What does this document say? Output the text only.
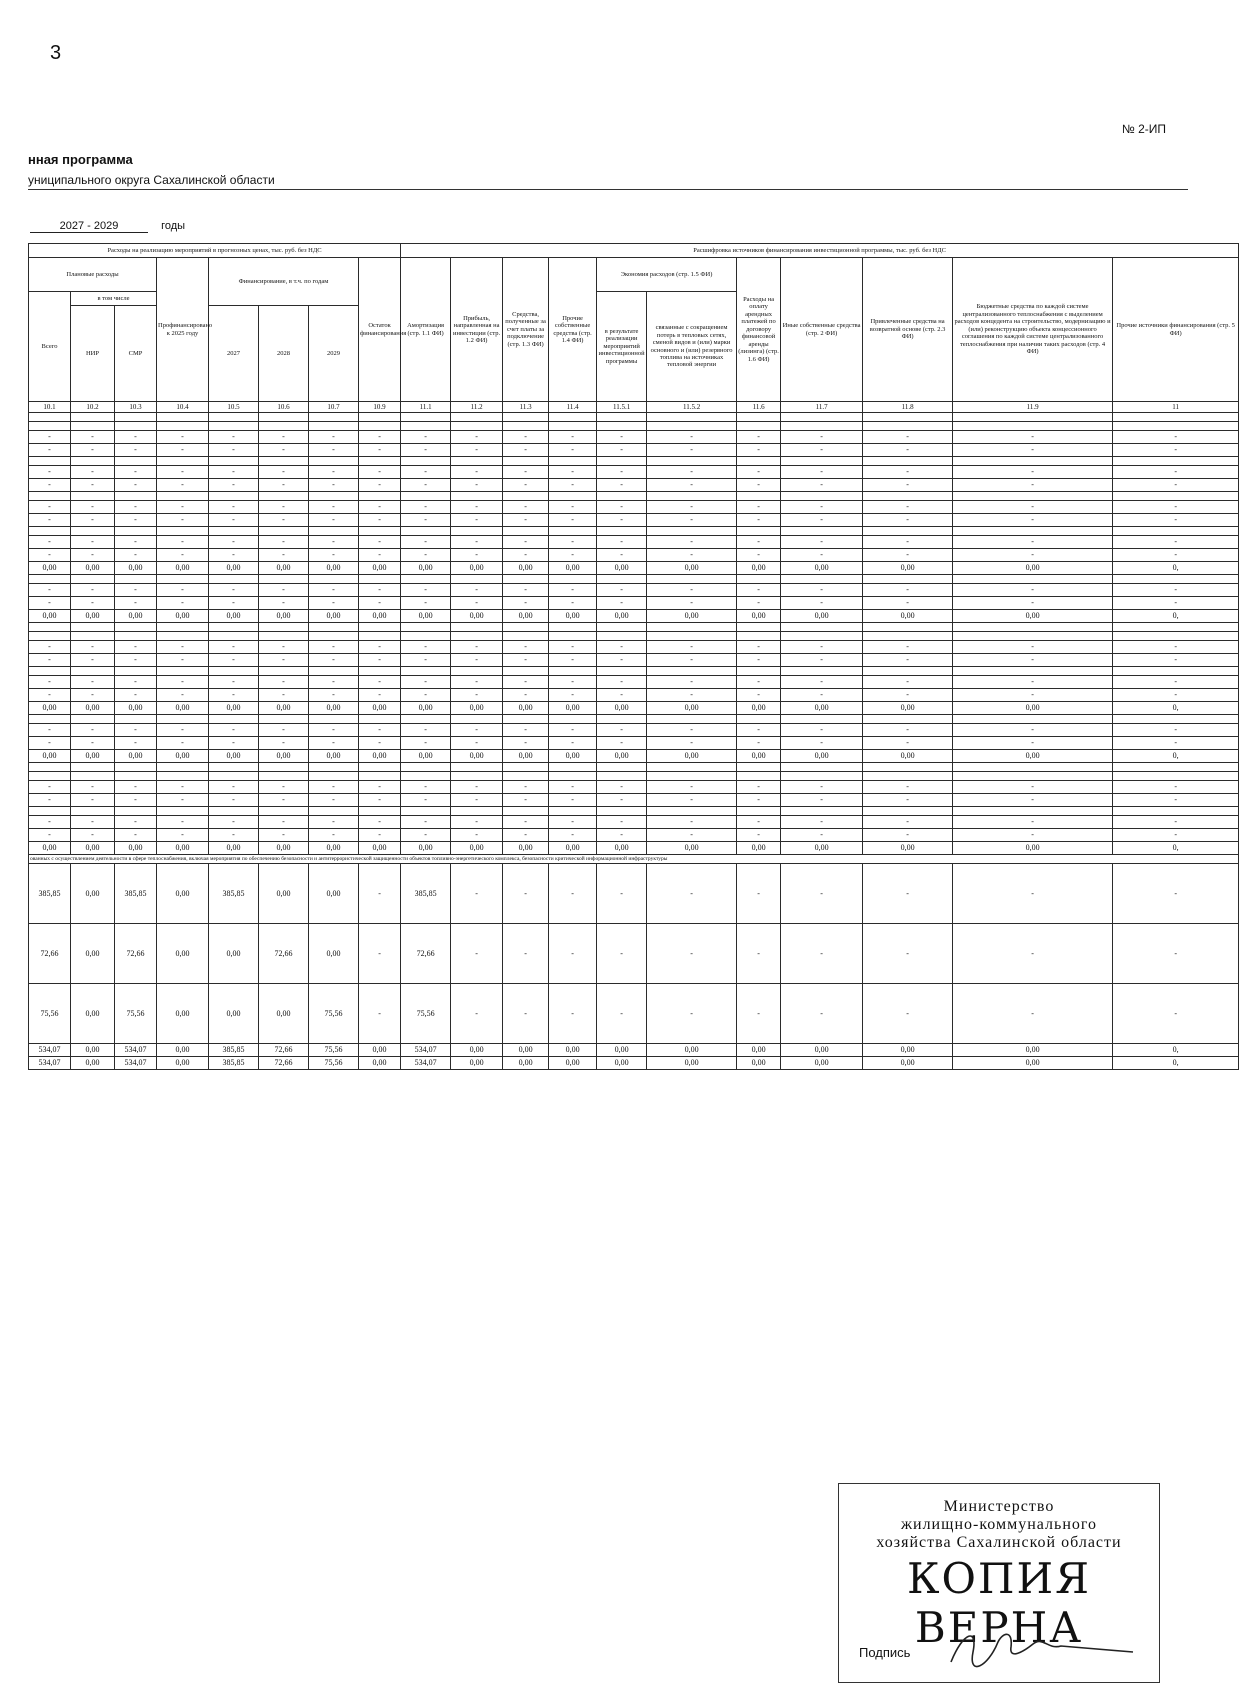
3
№ 2-ИП
нная программа
униципального округа Сахалинской области
2027 - 2029	годы
Расходы на реализацию мероприятий в прогнозных ценах, тыс. руб. без НДС								Расшифровка источников финансирования инвестиционной программы, тыс. руб. без НДС										
Плановые расходы			Профинансировано к 2025 году	Финансирование, в т.ч. по годам			Остаток финансирования	Амортизация (стр. 1.1 ФИ)	Прибыль, направленная на инвестиции (стр. 1.2 ФИ)	Средства, полученные за счет платы за подключение (стр. 1.3 ФИ)	Прочие собственные средства (стр. 1.4 ФИ)	Экономия расходов (стр. 1.5 ФИ)		Расходы на оплату арендных платежей по договору финансовой аренды (лизинга) (стр. 1.6 ФИ)	Иные собственные средства (стр. 2 ФИ)	Привлеченные средства на возвратной основе (стр. 2.3 ФИ)	Бюджетные средства по каждой системе централизованного теплоснабжения с выделением расходов концедента на строительство, модернизацию и (или) реконструкцию объекта концессионного соглашения по каждой системе централизованного теплоснабжения при наличии таких расходов (стр. 4 ФИ)	Прочие источники финансирования (стр. 5 ФИ)
Всего	в том числе											в результате реализации мероприятий инвестиционной программы	связанные с сокращением потерь в тепловых сетях, сменой видов и (или) марки основного и (или) резервного топлива на источниках тепловой энергии					
	НИР	СМР		2027	2028	2029												
10.1	10.2	10.3	10.4	10.5	10.6	10.7	10.9	11.1	11.2	11.3	11.4	11.5.1	11.5.2	11.6	11.7	11.8	11.9	11

-	-	-	-	-	-	-	-	-	-	-	-	-	-	-	-	-	-	-
-	-	-	-	-	-	-	-	-	-	-	-	-	-	-	-	-	-	-

-	-	-	-	-	-	-	-	-	-	-	-	-	-	-	-	-	-	-
-	-	-	-	-	-	-	-	-	-	-	-	-	-	-	-	-	-	-

-	-	-	-	-	-	-	-	-	-	-	-	-	-	-	-	-	-	-
-	-	-	-	-	-	-	-	-	-	-	-	-	-	-	-	-	-	-

-	-	-	-	-	-	-	-	-	-	-	-	-	-	-	-	-	-	-
-	-	-	-	-	-	-	-	-	-	-	-	-	-	-	-	-	-	-
0,00	0,00	0,00	0,00	0,00	0,00	0,00	0,00	0,00	0,00	0,00	0,00	0,00	0,00	0,00	0,00	0,00	0,00	0,

-	-	-	-	-	-	-	-	-	-	-	-	-	-	-	-	-	-	-
-	-	-	-	-	-	-	-	-	-	-	-	-	-	-	-	-	-	-
0,00	0,00	0,00	0,00	0,00	0,00	0,00	0,00	0,00	0,00	0,00	0,00	0,00	0,00	0,00	0,00	0,00	0,00	0,

-	-	-	-	-	-	-	-	-	-	-	-	-	-	-	-	-	-	-
-	-	-	-	-	-	-	-	-	-	-	-	-	-	-	-	-	-	-

-	-	-	-	-	-	-	-	-	-	-	-	-	-	-	-	-	-	-
-	-	-	-	-	-	-	-	-	-	-	-	-	-	-	-	-	-	-
0,00	0,00	0,00	0,00	0,00	0,00	0,00	0,00	0,00	0,00	0,00	0,00	0,00	0,00	0,00	0,00	0,00	0,00	0,

-	-	-	-	-	-	-	-	-	-	-	-	-	-	-	-	-	-	-
-	-	-	-	-	-	-	-	-	-	-	-	-	-	-	-	-	-	-
0,00	0,00	0,00	0,00	0,00	0,00	0,00	0,00	0,00	0,00	0,00	0,00	0,00	0,00	0,00	0,00	0,00	0,00	0,

-	-	-	-	-	-	-	-	-	-	-	-	-	-	-	-	-	-	-
-	-	-	-	-	-	-	-	-	-	-	-	-	-	-	-	-	-	-

-	-	-	-	-	-	-	-	-	-	-	-	-	-	-	-	-	-	-
-	-	-	-	-	-	-	-	-	-	-	-	-	-	-	-	-	-	-
0,00	0,00	0,00	0,00	0,00	0,00	0,00	0,00	0,00	0,00	0,00	0,00	0,00	0,00	0,00	0,00	0,00	0,00	0,
ованных с осуществлением деятельности в сфере теплоснабжения, включая мероприятия по обеспечению безопасности и антитеррористической защищенности объектов топливно-энергетического комплекса, безопасности критической информационной инфраструктуры																		
385,85	0,00	385,85	0,00	385,85	0,00	0,00	-	385,85	-	-	-	-	-	-	-	-	-	-
72,66	0,00	72,66	0,00	0,00	72,66	0,00	-	72,66	-	-	-	-	-	-	-	-	-	-
75,56	0,00	75,56	0,00	0,00	0,00	75,56	-	75,56	-	-	-	-	-	-	-	-	-	-
534,07	0,00	534,07	0,00	385,85	72,66	75,56	0,00	534,07	0,00	0,00	0,00	0,00	0,00	0,00	0,00	0,00	0,00	0,
534,07	0,00	534,07	0,00	385,85	72,66	75,56	0,00	534,07	0,00	0,00	0,00	0,00	0,00	0,00	0,00	0,00	0,00	0,
Министерство
жилищно-коммунального
хозяйства Сахалинской области
КОПИЯ ВЕРНА
Подпись
